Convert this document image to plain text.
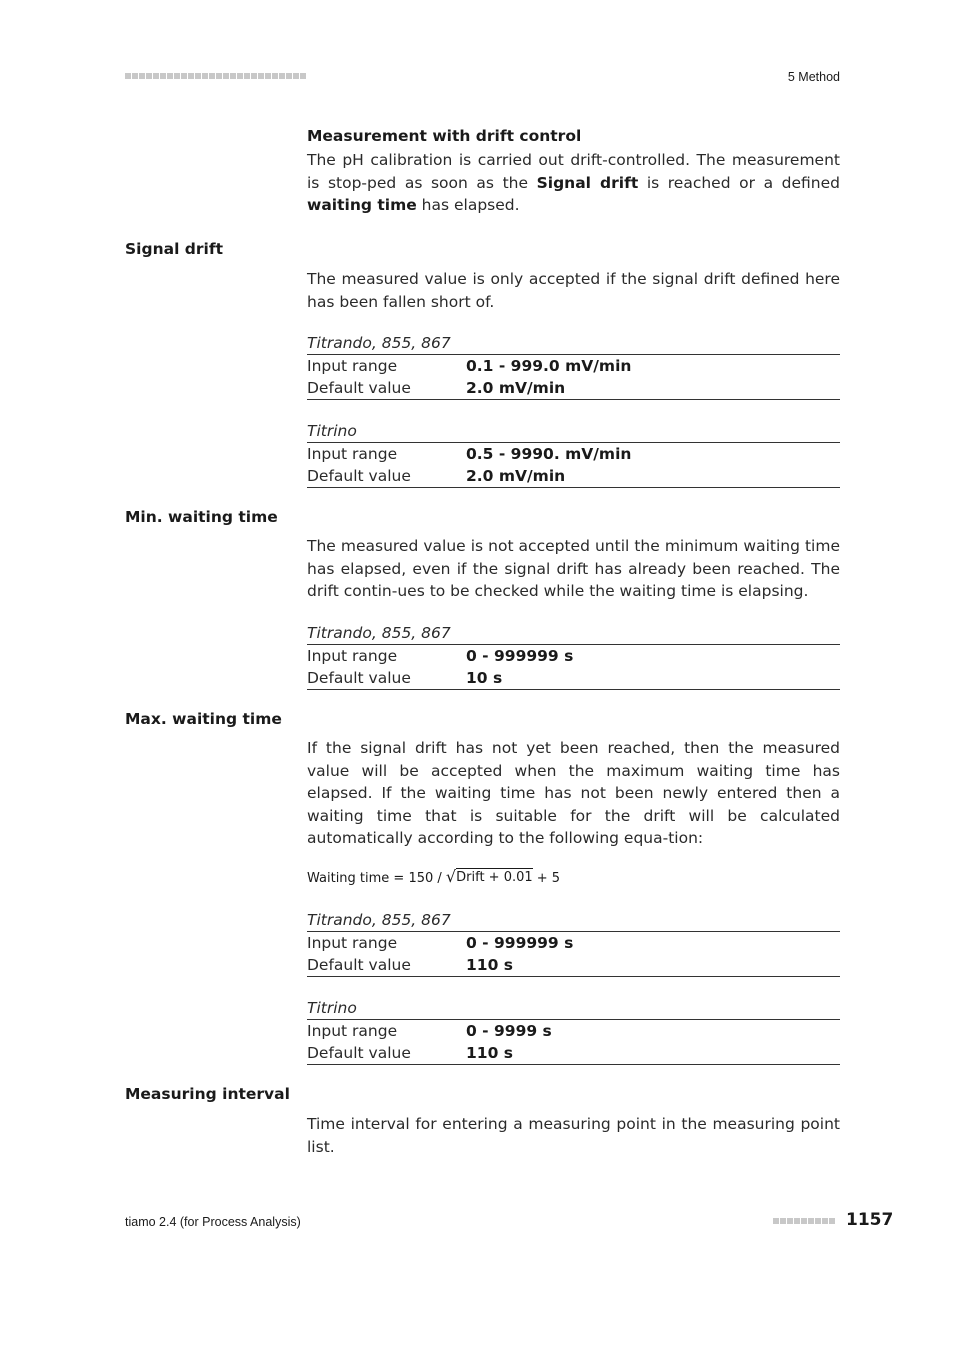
5 Method
Measurement with drift control

The pH calibration is carried out drift-controlled. The measurement is stop-ped as soon as the Signal drift is reached or a defined waiting time has elapsed.

Signal drift

The measured value is only accepted if the signal drift defined here has been fallen short of.

Titrando, 855, 867
Input range	0.1 - 999.0 mV/min
Default value	2.0 mV/min
Titrino
Input range	0.5 - 9990. mV/min
Default value	2.0 mV/min
Min. waiting time

The measured value is not accepted until the minimum waiting time has elapsed, even if the signal drift has already been reached. The drift contin-ues to be checked while the waiting time is elapsing.

Titrando, 855, 867
Input range	0 - 999999 s
Default value	10 s
Max. waiting time

If the signal drift has not yet been reached, then the measured value will be accepted when the maximum waiting time has elapsed. If the waiting time has not been newly entered then a waiting time that is suitable for the drift will be calculated automatically according to the following equa-tion:

Waiting time = 150 / √ Drift + 0.01 + 5
Titrando, 855, 867
Input range	0 - 999999 s
Default value	110 s
Titrino
Input range	0 - 9999 s
Default value	110 s
Measuring interval

Time interval for entering a measuring point in the measuring point list.

tiamo 2.4 (for Process Analysis)	1157
